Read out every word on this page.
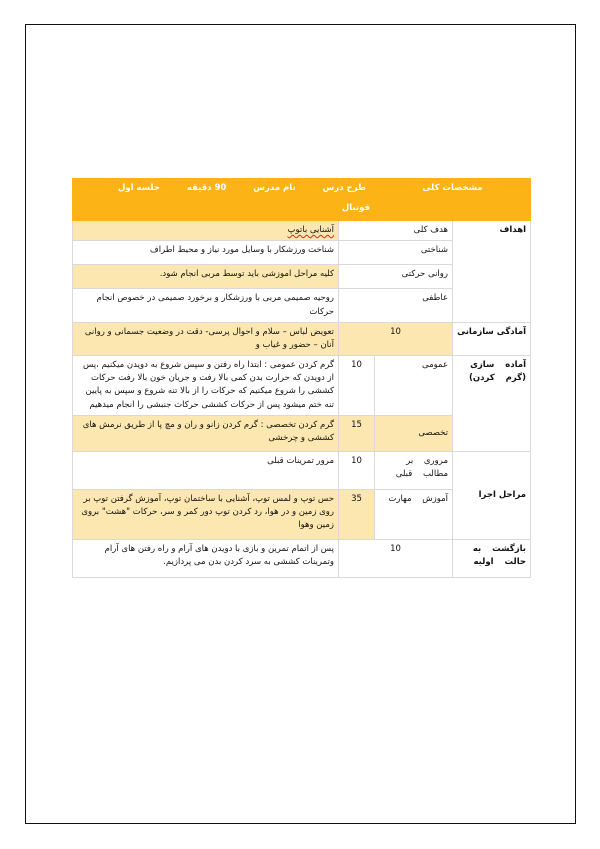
مشخصات کلی		طرح درس نام مدرس 90 دقیقه جلسه اول	
		فوتبال	
اهداف	هدف کلی		آشنایی باتوپ
	شناختی		شناخت ورزشکار با وسایل مورد نیاز و محیط اطراف
	روانی حرکتی		کلیه مراحل اموزشی باید توسط مربی انجام شود.
	عاطفی		روحیه صمیمی مربی با ورزشکار و برخورد صمیمی در خصوص انجام حرکات
آمادگی سازمانی	10		تعویض لباس – سلام و احوال پرسی- دقت در وضعیت جسمانی و روانی آنان – حضور و غیاب و
آماده سازی (گرم کردن)	عمومی	10	گرم کردن عمومی : ابتدا راه رفتن و سپس شروع به دویدن میکنیم ،پس از دویدن که حرارت بدن کمی بالا رفت و جریان خون بالا رفت حرکات کششی را شروع میکنیم که حرکات را از بالا تنه شروع و سپس به پایین تنه ختم میشود پس از حرکات کششی حرکات جنبشی را انجام میدهیم
	تخصصی	15	گرم کردن تخصصی : گرم کردن زانو و ران و مچ پا از طریق نرمش های کششی و چرخشی
مراحل اجرا	مروری بر مطالب قبلی	10	مرور تمرینات قبلی
	آموزش مهارت	35	حس توپ و لمس توپ، آشنایی با ساختمان توپ، آموزش گرفتن توپ بر روی زمین و در هوا، رد کردن توپ دور کمر و سر، حرکات "هشت" بروی زمین وهوا
بازگشت به حالت اولیه	10		پس از اتمام تمرین و بازی با دویدن های آرام و راه رفتن های آرام وتمرینات کششی به سرد کردن بدن می پردازیم.
